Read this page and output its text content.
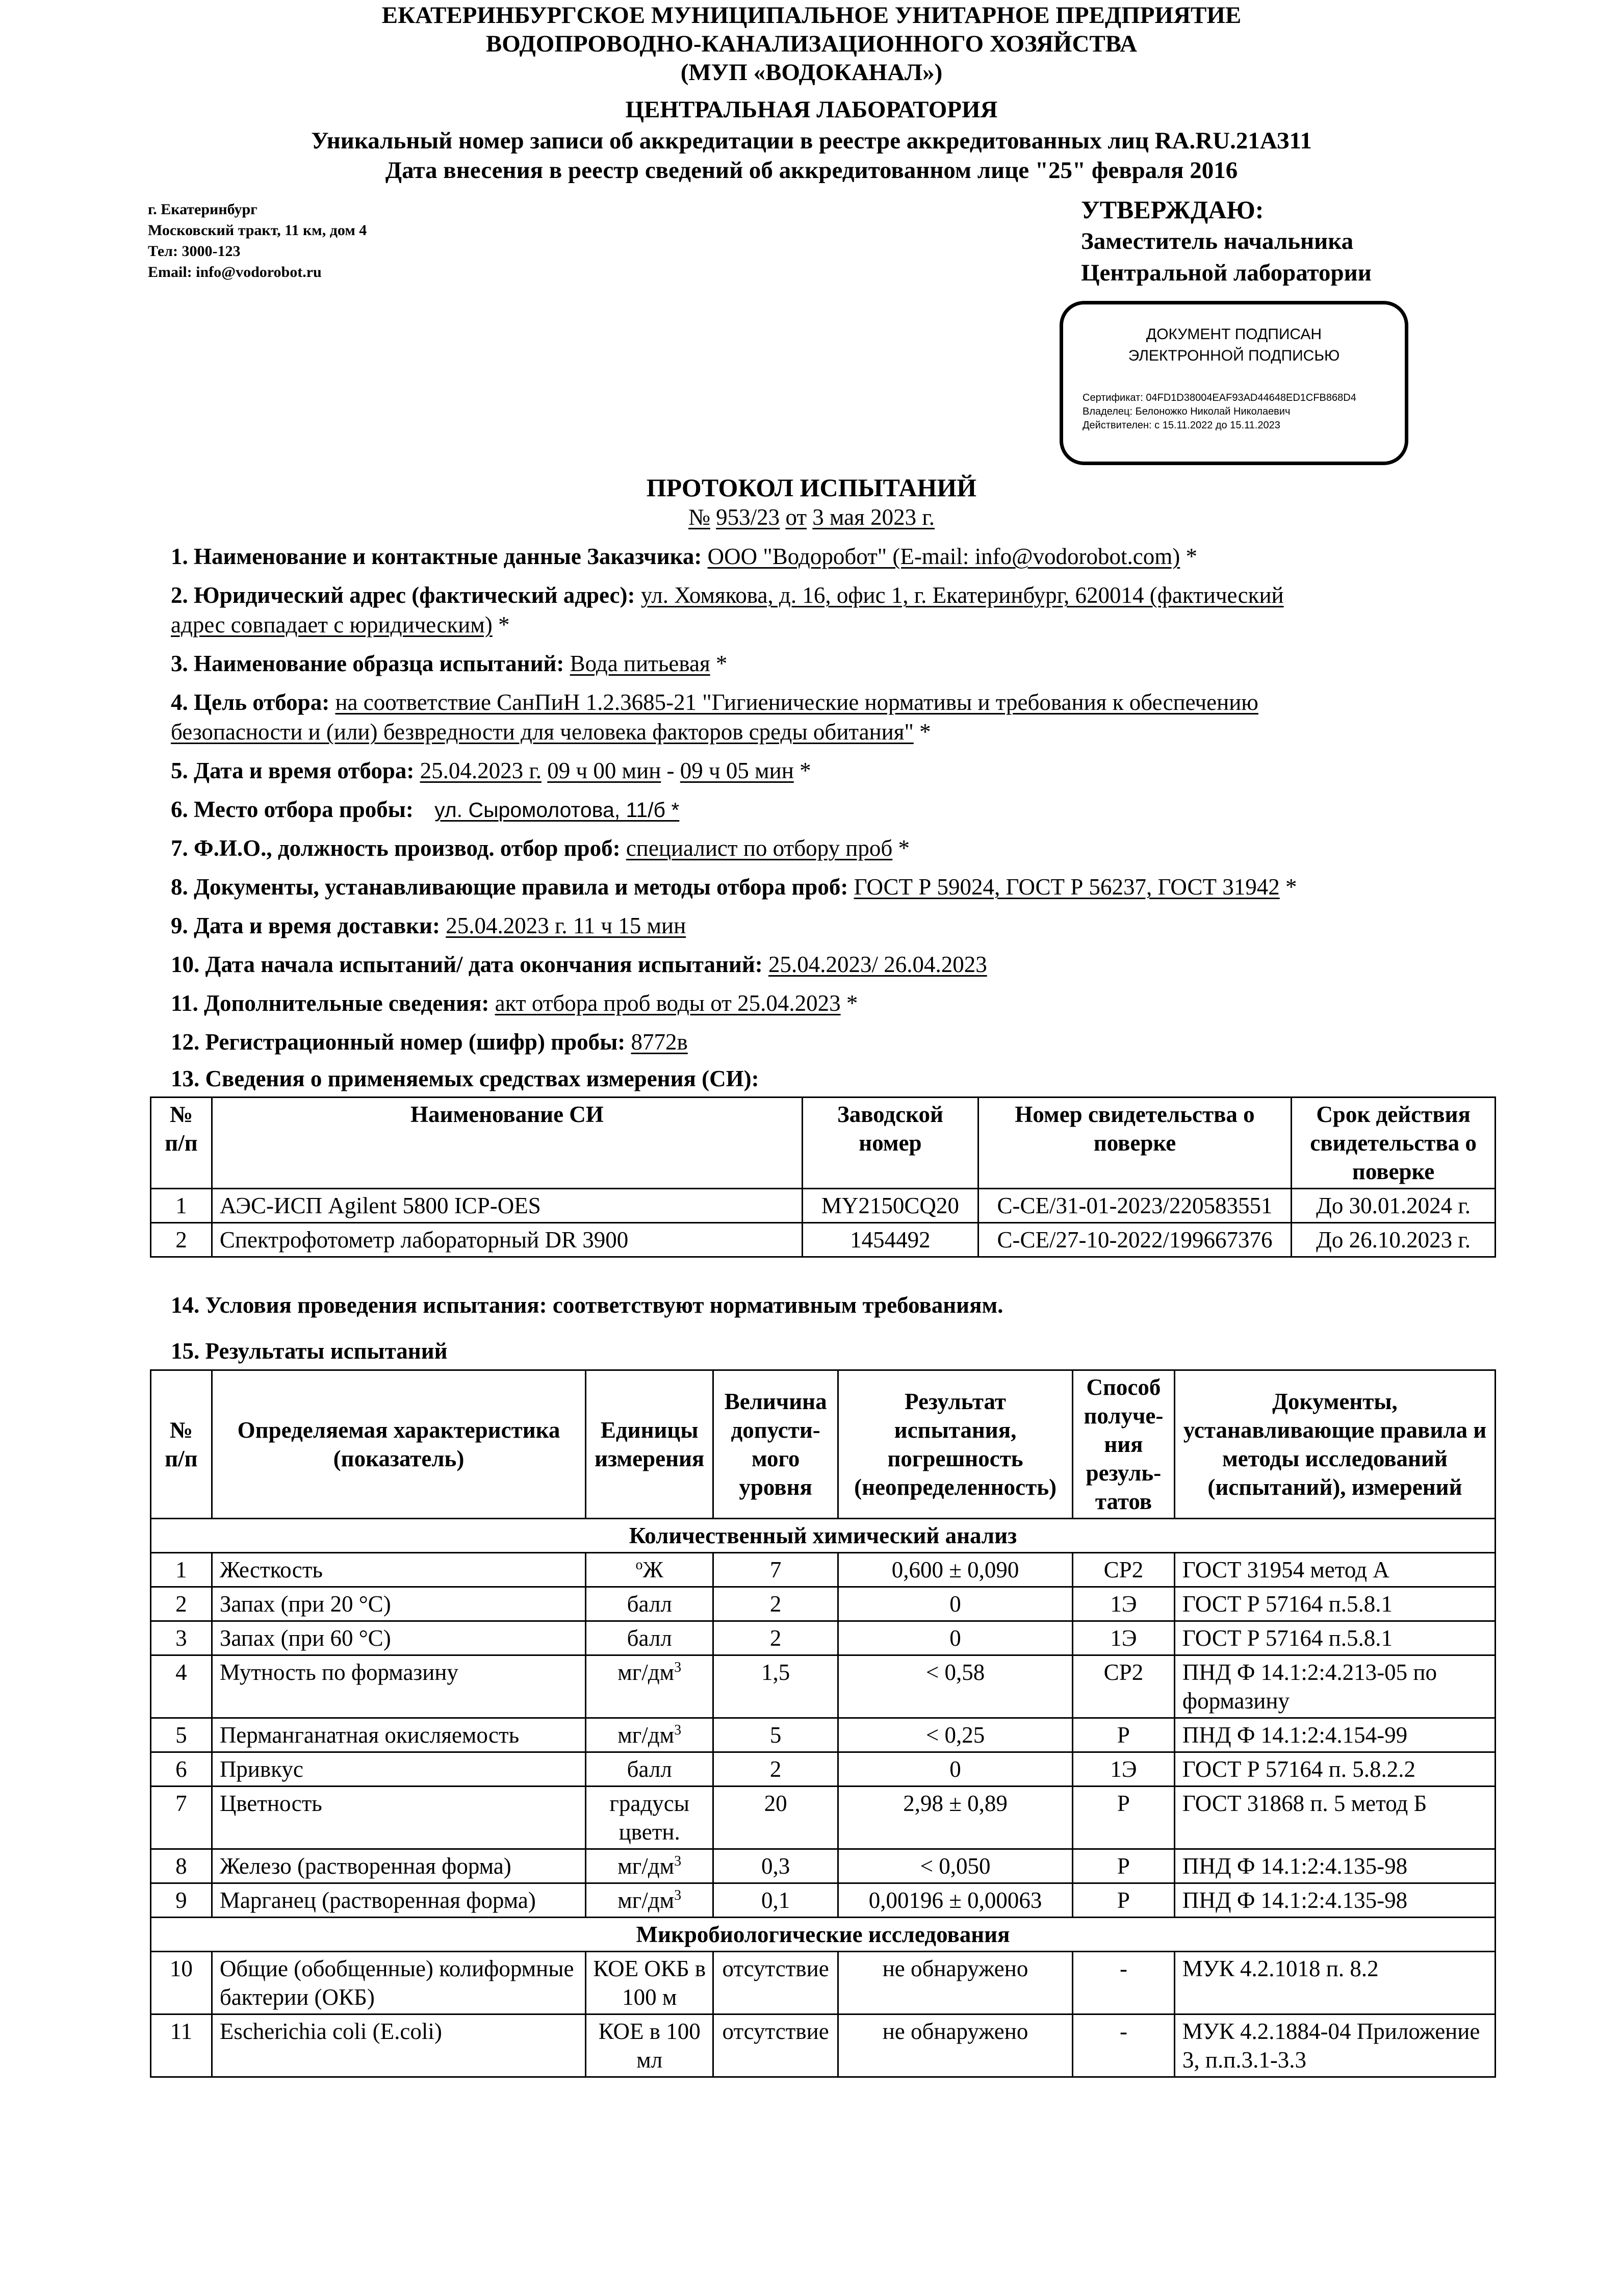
ЕКАТЕРИНБУРГСКОЕ МУНИЦИПАЛЬНОЕ УНИТАРНОЕ ПРЕДПРИЯТИЕ
ВОДОПРОВОДНО-КАНАЛИЗАЦИОННОГО ХОЗЯЙСТВА
(МУП «ВОДОКАНАЛ»)
ЦЕНТРАЛЬНАЯ ЛАБОРАТОРИЯ
Уникальный номер записи об аккредитации в реестре аккредитованных лиц RA.RU.21АЗ11
Дата внесения в реестр сведений об аккредитованном лице "25" февраля 2016
г. Екатеринбург
Московский тракт, 11 км, дом 4
Тел: 3000-123
Email: info@vodorobot.ru
УТВЕРЖДАЮ:
Заместитель начальника
Центральной лаборатории
ДОКУМЕНТ ПОДПИСАН
ЭЛЕКТРОННОЙ ПОДПИСЬЮ
Сертификат: 04FD1D38004EAF93AD44648ED1CFB868D4
Владелец: Белоножко Николай Николаевич
Действителен: с 15.11.2022 до 15.11.2023
ПРОТОКОЛ ИСПЫТАНИЙ
№ 953/23 от 3 мая 2023 г.
1. Наименование и контактные данные Заказчика: ООО "Водоробот" (E-mail: info@vodorobot.com) *
2. Юридический адрес (фактический адрес): ул. Хомякова, д. 16, офис 1, г. Екатеринбург, 620014 (фактический
адрес совпадает с юридическим) *
3. Наименование образца испытаний: Вода питьевая *
4. Цель отбора: на соответствие СанПиН 1.2.3685-21 "Гигиенические нормативы и требования к обеспечению
безопасности и (или) безвредности для человека факторов среды обитания" *
5. Дата и время отбора: 25.04.2023 г. 09 ч 00 мин - 09 ч 05 мин *
6. Место отбора пробы: ул. Сыромолотова, 11/б *
7. Ф.И.О., должность производ. отбор проб: специалист по отбору проб *
8. Документы, устанавливающие правила и методы отбора проб: ГОСТ Р 59024, ГОСТ Р 56237, ГОСТ 31942 *
9. Дата и время доставки: 25.04.2023 г. 11 ч 15 мин
10. Дата начала испытаний/ дата окончания испытаний: 25.04.2023/ 26.04.2023
11. Дополнительные сведения: акт отбора проб воды от 25.04.2023 *
12. Регистрационный номер (шифр) пробы: 8772в
13. Сведения о применяемых средствах измерения (СИ):
№ п/п	Наименование СИ	Заводской номер	Номер свидетельства о поверке	Срок действия свидетельства о поверке
1	АЭС-ИСП Agilent 5800 ICP-OES	MY2150CQ20	С-СЕ/31-01-2023/220583551	До 30.01.2024 г.
2	Спектрофотометр лабораторный DR 3900	1454492	С-СЕ/27-10-2022/199667376	До 26.10.2023 г.
14. Условия проведения испытания: соответствуют нормативным требованиям.
15. Результаты испытаний
№ п/п	Определяемая характеристика (показатель)	Единицы измерения	Величина допусти-мого уровня	Результат испытания, погрешность (неопределенность)	Способ получе-ния резуль-татов	Документы, устанавливающие правила и методы исследований (испытаний), измерений
Количественный химический анализ						
1	Жесткость	$^о$Ж	7	0,600 ± 0,090	СР2	ГОСТ 31954 метод А
2	Запах (при 20 °С)	балл	2	0	1Э	ГОСТ Р 57164 п.5.8.1
3	Запах (при 60 °С)	балл	2	0	1Э	ГОСТ Р 57164 п.5.8.1
4	Мутность по формазину	$мг/дм^3$	1,5	< 0,58	СР2	ПНД Ф 14.1:2:4.213-05 по формазину
5	Перманганатная окисляемость	$мг/дм^3$	5	< 0,25	Р	ПНД Ф 14.1:2:4.154-99
6	Привкус	балл	2	0	1Э	ГОСТ Р 57164 п. 5.8.2.2
7	Цветность	градусы цветн.	20	2,98 ± 0,89	Р	ГОСТ 31868 п. 5 метод Б
8	Железо (растворенная форма)	$мг/дм^3$	0,3	< 0,050	Р	ПНД Ф 14.1:2:4.135-98
9	Марганец (растворенная форма)	$мг/дм^3$	0,1	0,00196 ± 0,00063	Р	ПНД Ф 14.1:2:4.135-98
Микробиологические исследования						
10	Общие (обобщенные) колиформные бактерии (ОКБ)	КОЕ ОКБ в 100 м	отсутствие	не обнаружено	-	МУК 4.2.1018 п. 8.2
11	Escherichia coli (E.coli)	КОЕ в 100 мл	отсутствие	не обнаружено	-	МУК 4.2.1884-04 Приложение 3, п.п.3.1-3.3
